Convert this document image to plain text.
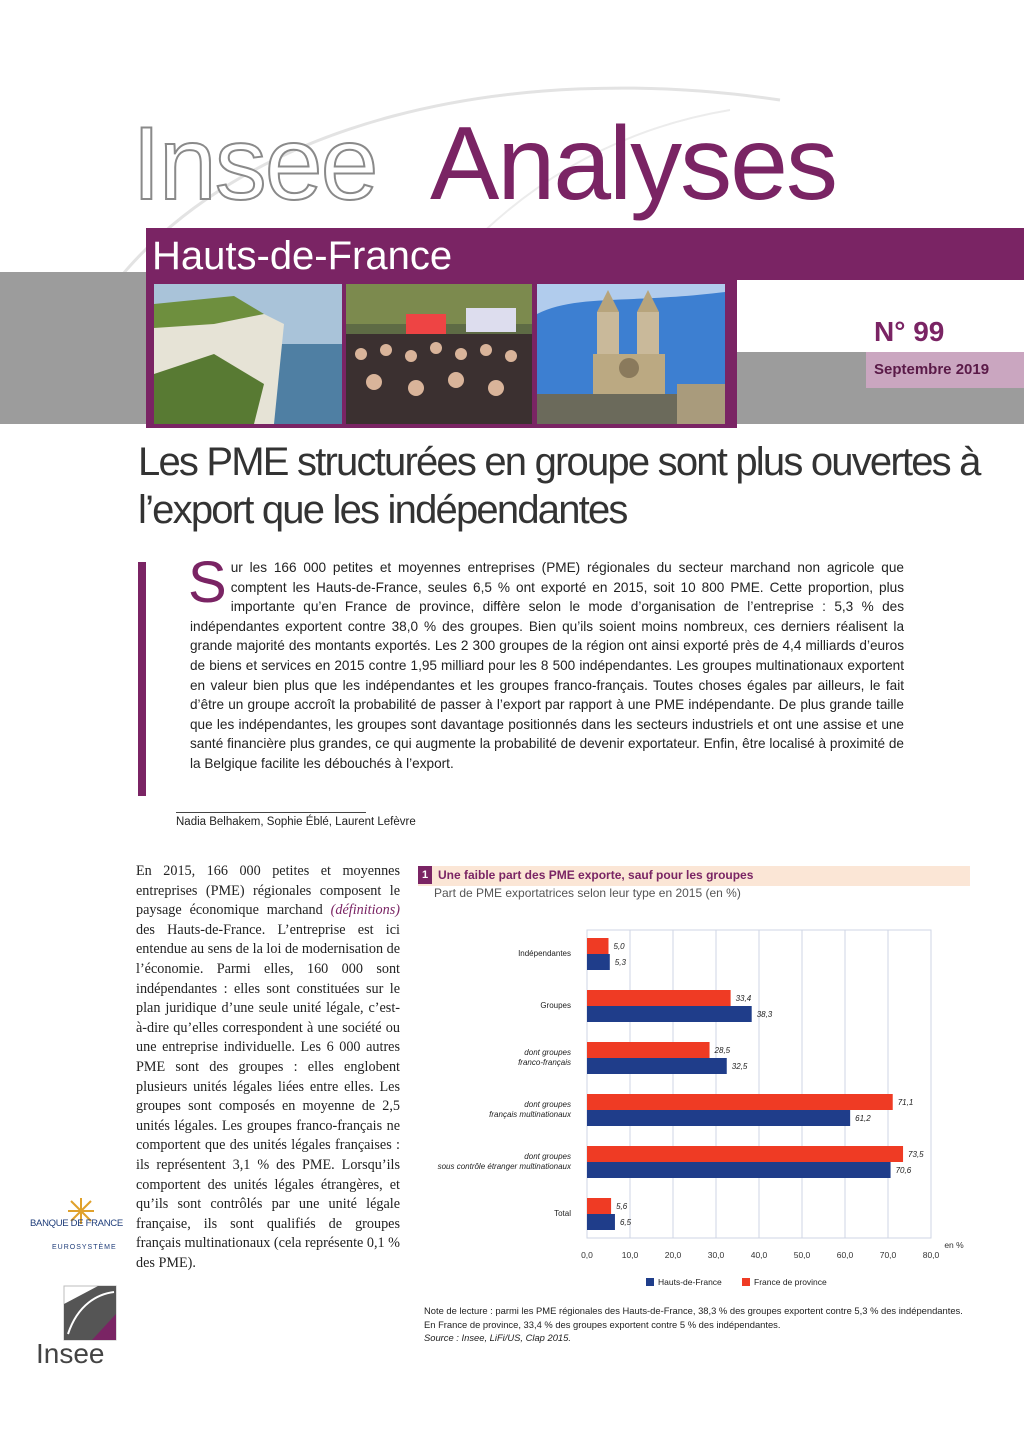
Insee Analyses
Hauts-de-France
N° 99
Septembre 2019
Les PME structurées en groupe sont plus ouvertes à l’export que les indépendantes
Sur les 166 000 petites et moyennes entreprises (PME) régionales du secteur marchand non agricole que comptent les Hauts-de-France, seules 6,5 % ont exporté en 2015, soit 10 800 PME. Cette proportion, plus importante qu’en France de province, diffère selon le mode d’organisation de l’entreprise : 5,3 % des indépendantes exportent contre 38,0 % des groupes. Bien qu’ils soient moins nombreux, ces derniers réalisent la grande majorité des montants exportés. Les 2 300 groupes de la région ont ainsi exporté près de 4,4 milliards d’euros de biens et services en 2015 contre 1,95 milliard pour les 8 500 indépendantes. Les groupes multinationaux exportent en valeur bien plus que les indépendantes et les groupes franco-français. Toutes choses égales par ailleurs, le fait d’être un groupe accroît la probabilité de passer à l’export par rapport à une PME indépendante. De plus grande taille que les indépendantes, les groupes sont davantage positionnés dans les secteurs industriels et ont une assise et une santé financière plus grandes, ce qui augmente la probabilité de devenir exportateur. Enfin, être localisé à proximité de la Belgique facilite les débouchés à l’export.
Nadia Belhakem, Sophie Éblé, Laurent Lefèvre
En 2015, 166 000 petites et moyennes entreprises (PME) régionales composent le paysage économique marchand (définitions) des Hauts-de-France. L’entreprise est ici entendue au sens de la loi de modernisation de l’économie. Parmi elles, 160 000 sont indépendantes : elles sont constituées sur le plan juridique d’une seule unité légale, c’est-à-dire qu’elles correspondent à une société ou une entreprise individuelle. Les 6 000 autres PME sont des groupes : elles englobent plusieurs unités légales liées entre elles. Les groupes sont composés en moyenne de 2,5 unités légales. Les groupes franco-français ne comportent que des unités légales françaises : ils représentent 3,1 % des PME. Lorsqu’ils comportent des unités légales étrangères, et qu’ils sont contrôlés par une unité légale française, ils sont qualifiés de groupes français multinationaux (cela représente 0,1 % des PME).
BANQUE DE FRANCE
EUROSYSTÈME
Insee
1 Une faible part des PME exporte, sauf pour les groupes
Part de PME exportatrices selon leur type en 2015 (en %)
0,0	10,0	20,0	30,0	40,0	50,0	60,0	70,0	80,0
en %
Indépendantes
5,0
5,3
Groupes
33,4
38,3
dont groupes
franco-français
28,5
32,5
dont groupes
français multinationaux
71,1
61,2
dont groupes
sous contrôle étranger multinationaux
73,5
70,6
Total
5,6
6,5
Hauts-de-France	France de province
Note de lecture : parmi les PME régionales des Hauts-de-France, 38,3 % des groupes exportent contre 5,3 % des indépendantes. En France de province, 33,4 % des groupes exportent contre 5 % des indépendantes.
Source : Insee, LiFi/US, Clap 2015.
